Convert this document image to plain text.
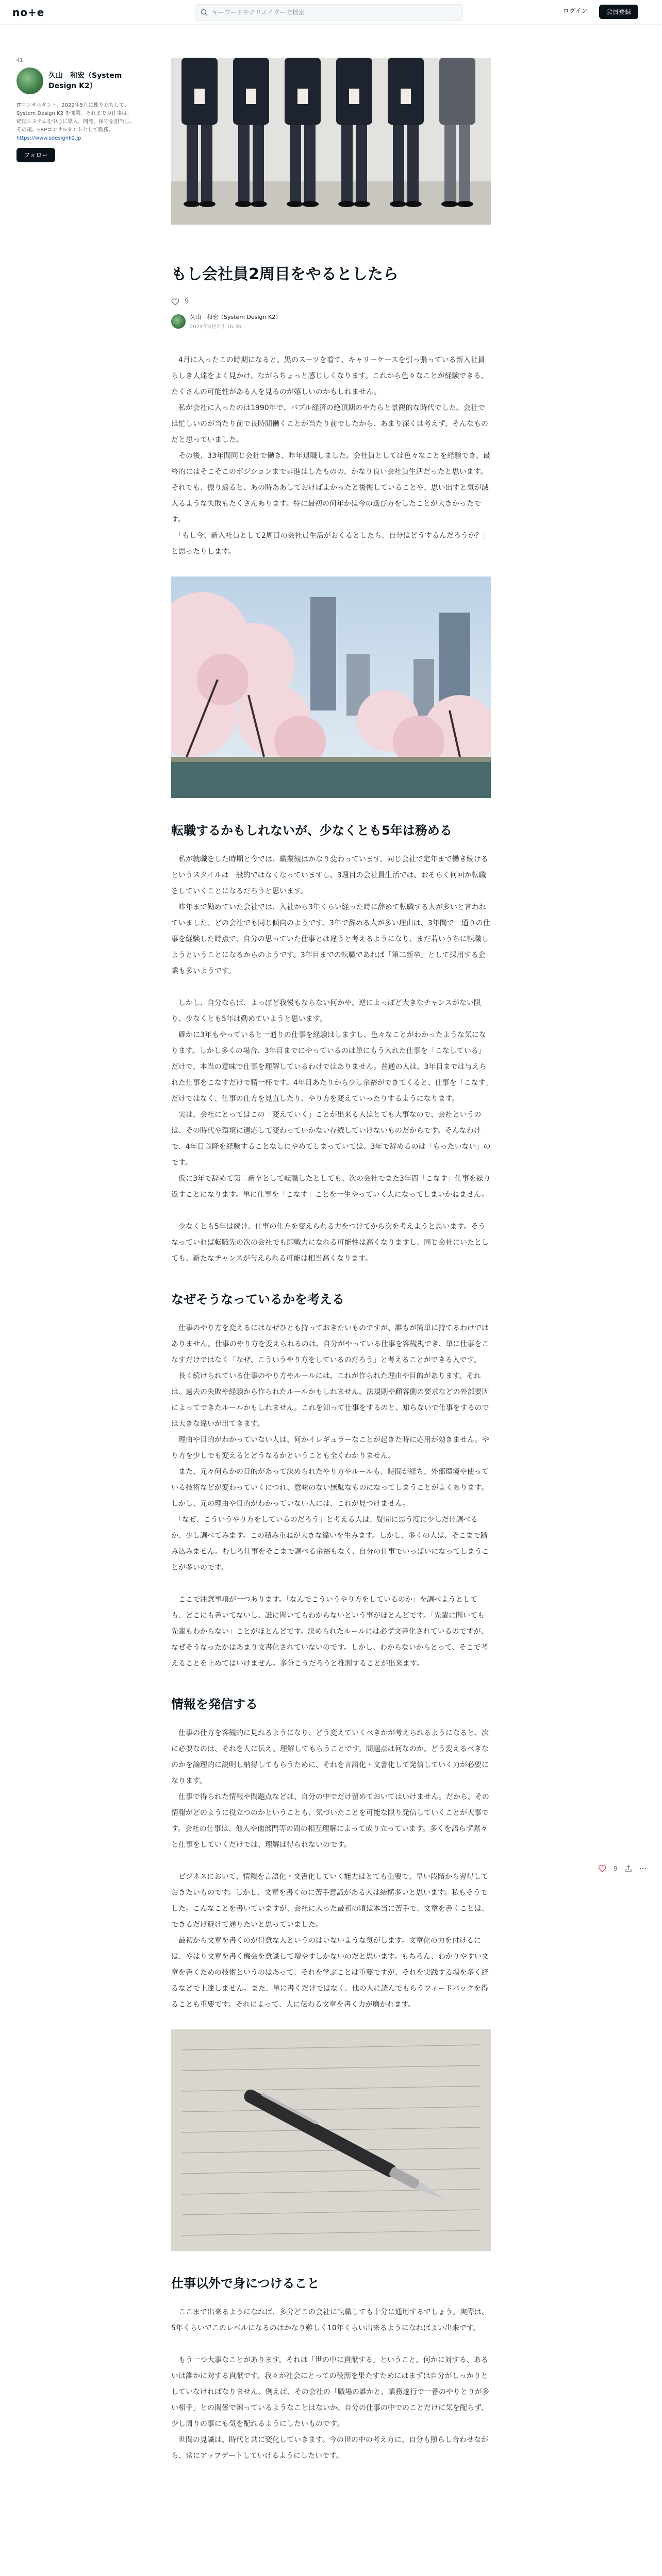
no+e
キーワードやクリエイターで検索	ログイン	会員登録
41
久山　和宏（System Design K2）
ITコンサルタント。2022年5月に独り立ちして、System Design K2 を開業。それまでの仕事は、経理システムを中心に導入、開発、保守を担当し、その後、ERPコンサルタントとして勤務。 https://www.sdesignk2.jp
フォロー
もし会社員2周目をやるとしたら
9
久山　和宏（System Design K2）
2024年4月7日 16:36

　4月に入ったこの時期になると、黒のスーツを着て、キャリーケースを引っ張っている新入社員らしき人達をよく見かけ、ながらちょっと感じしくなります。これから色々なことが経験できる、たくさんの可能性がある人を見るのが嬉しいのかもしれません。

　私が会社に入ったのは1990年で、バブル経済の絶頂期のやたらと景観的な時代でした。会社では忙しいのが当たり前で長時間働くことが当たり前でしたから、あまり深くは考えず、そんなものだと思っていました。

　その後、33年間同じ会社で働き、昨年退職しました。会社員としては色々なことを経験でき、最終的にはそこそこのポジションまで昇進はしたものの、かなり良い会社員生活だったと思います。それでも、振り返ると、あの時ああしておけばよかったと後悔していることや、思い出すと気が滅入るような失敗もたくさんあります。特に最初の何年かは今の選び方をしたことが大きかったです。

　「もし今、新入社員として2周目の会社員生活がおくるとしたら、自分はどうするんだろうか？」と思ったりします。

転職するかもしれないが、少なくとも5年は務める

　私が就職をした時期と今では、職業観はかなり変わっています。同じ会社で定年まで働き続けるというスタイルは一般的ではなくなっていますし、3週目の会社員生活では、おそらく何回か転職をしていくことになるだろうと思います。

　昨年まで勤めていた会社では、入社から3年くらい経った時に辞めて転職する人が多いと言われていました。どの会社でも同じ傾向のようです。3年で辞める人が多い理由は、3年間で一通りの仕事を経験した時点で、自分の思っていた仕事とは違うと考えるようになり、まだ若いうちに転職しようということになるからのようです。3年目までの転職であれば「第二新卒」として採用する企業も多いようです。

　しかし、自分ならば、よっぽど我慢もならない何かや、逆によっぽど大きなチャンスがない限り、少なくとも5年は勤めていようと思います。

　確かに3年もやっていると一通りの仕事を経験はしますし、色々なことがわかったような気になります。しかし多くの場合、3年目までにやっているのは単にもう入れた仕事を「こなしている」だけで、本当の意味で仕事を理解しているわけではありません。普通の人は、3年目までは与えられた仕事をこなすだけで精一杯です。4年目あたりから少し余裕ができてくると、仕事を「こなす」だけではなく、仕事の仕方を見直したり、やり方を変えていったりするようになります。

　実は、会社にとってはこの「変えていく」ことが出来る人はとても大事なので、会社というのは、その時代や環境に適応して変わっていかない存続していけないものだからです。そんなわけで、4年目以降を経験することなしにやめてしまっていては、3年で辞めるのは「もったいない」のです。

　仮に3年で辞めて第二新卒として転職したとしても、次の会社でまた3年間「こなす」仕事を繰り返すことになります。単に仕事を「こなす」ことを一生やっていく人になってしまいかねません。

　少なくとも5年は続け、仕事の仕方を変えられる力をつけてから次を考えようと思います。そうなっていれば転職先の次の会社でも即戦力になれる可能性は高くなりますし、同じ会社にいたとしても、新たなチャンスが与えられる可能は相当高くなります。

なぜそうなっているかを考える

　仕事のやり方を変えるにはなぜひとも持っておきたいものですが、誰もが簡単に持てるわけではありません。仕事のやり方を変えられるのは、自分がやっている仕事を客観視でき、単に仕事をこなすだけではなく「なぜ、こういうやり方をしているのだろう」と考えることができる人です。

　長く続けられている仕事のやり方やルールには、これが作られた理由や目的があります。それは、過去の失敗や経験から作られたルールかもしれません。法規則や顧客側の要求などの外部要因によってできたルールかもしれません。これを知って仕事をするのと、知らないで仕事をするのでは大きな違いが出てきます。

　理由や目的がわかっていない人は、何かイレギュラーなことが起きた時に応用が効きません。やり方を少しでも変えるとどうなるかということも全くわかりません。

　また、元々何らかの目的があって決められたやり方やルールも、時間が経ち、外部環境や使っている技術などが変わっていくにつれ、意味のない無駄なものになってしまうことがよくあります。しかし、元の理由や目的がわかっていない人には、これが見つけません。

　「なぜ、こういうやり方をしているのだろう」と考える人は、疑問に思う度に少しだけ調べるか、少し調べてみます。この積み重ねが大きな違いを生みます。しかし、多くの人は、そこまで踏み込みません。むしろ仕事をそこまで調べる余裕もなく、自分の仕事でいっぱいになってしまうことが多いのです。

　ここで注意事項が一つあります。「なんでこういうやり方をしているのか」を調べようとしても、どこにも書いてないし、誰に聞いてもわからないという事がほとんどです。「先輩に聞いても先輩もわからない」ことがほとんどです。決められたルールには必ず文書化されているのですが、なぜそうなったかはあまり文書化されていないのです。しかし、わからないからとって、そこで考えることを止めてはいけません。多分こうだろうと推測することが出来ます。

情報を発信する

　仕事の仕方を客観的に見れるようになり、どう変えていくべきかが考えられるようになると、次に必要なのは、それを人に伝え、理解してもらうことです。問題点は何なのか、どう変えるべきなのかを論理的に説明し納得してもらうために、それを言語化・文書化して発信していく力が必要になります。

　仕事で得られた情報や問題点などは、自分の中でだけ留めておいてはいけません。だから、その情報がどのように役立つのかということも、気づいたことを可能な限り発信していくことが大事です。会社の仕事は、他人や他部門等の間の相互理解によって成り立っています。多くを語らず黙々と仕事をしていくだけでは、理解は得られないのです。

　ビジネスにおいて、情報を言語化・文書化していく能力はとても重要で、早い段階から習得しておきたいものです。しかし、文章を書くのに苦手意識がある人は結構多いと思います。私もそうでした。こんなことを書いていますが、会社に入った最初の頃は本当に苦手で、文章を書くことは、できるだけ避けて通りたいと思っていました。

　最初から文章を書くのが得意な人というのはいないような気がします。文章化の力を付けるには、やはり文章を書く機会を意識して増やすしかないのだと思います。もちろん、わかりやすい文章を書くための技術というのはあって、それを学ぶことは重要ですが、それを実践する場を多く経るなどで上達しません。また、単に書くだけではなく、他の人に読んでもらうフィードバックを得ることも重要です。それによって、人に伝わる文章を書く力が磨かれます。

仕事以外で身につけること

　ここまで出来るようになれば、多分どこの会社に転職しても十分に通用するでしょう。実際は、5年くらいでこのレベルになるのはかなり難しく10年くらい出来るようになればよい出来です。

　もう一つ大事なことがあります。それは「世の中に貢献する」ということ。何かに対する、あるいは誰かに対する貢献です。我々が社会にとっての役割を果たすためにはまずは自分がしっかりとしていなければなりません。例えば、その会社の「職場の誰かと、業務遂行で一番のやりとりが多い相手」との関係で困っているようなことはないか。自分の仕事の中でのことだけに気を配らず、少し周りの事にも気を配れるようにしたいものです。

　世間の見識は、時代と共に変化していきます。今の世の中の考え方に、自分も照らし合わせながら、常にアップデートしていけるようにしたいです。

9
